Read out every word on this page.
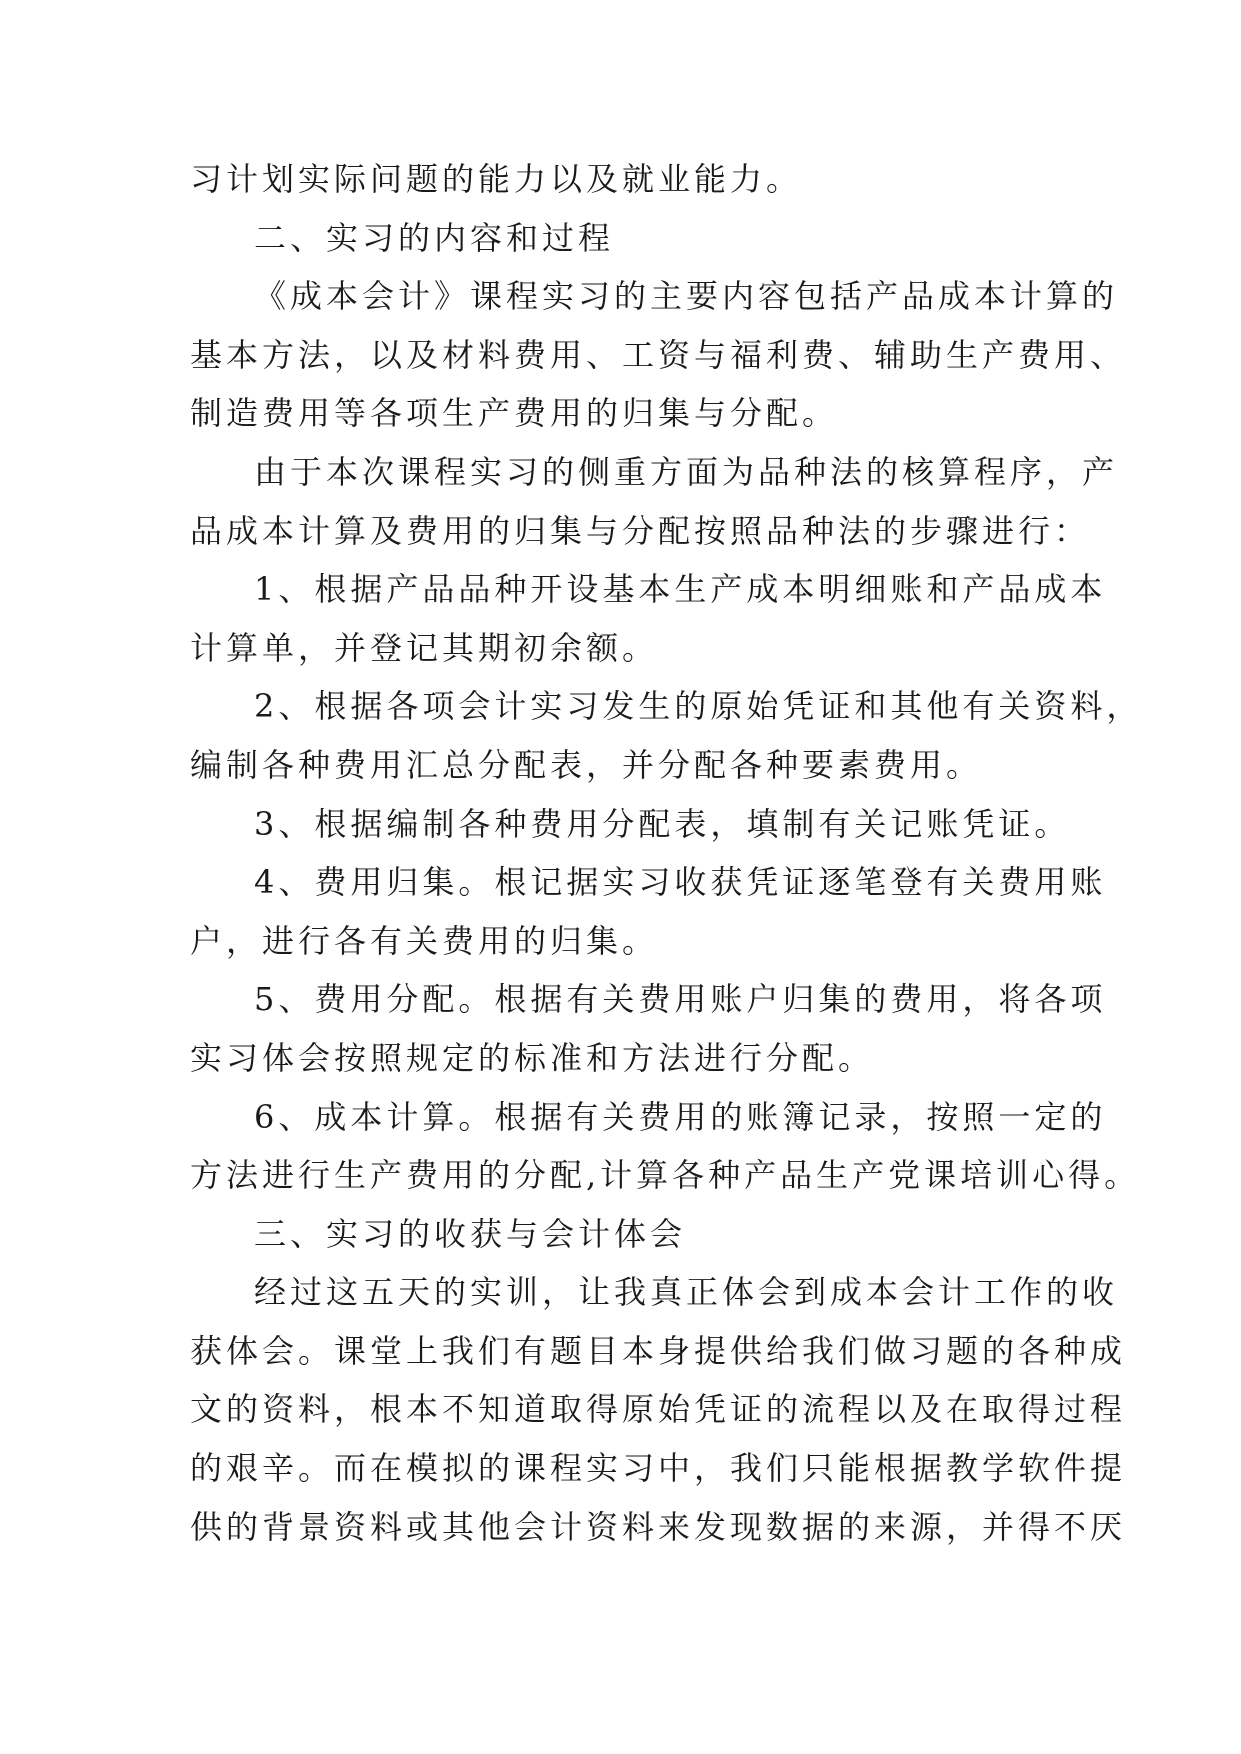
习计划实际问题的能力以及就业能力。
二、实习的内容和过程
《成本会计》课程实习的主要内容包括产品成本计算的
基本方法，以及材料费用、工资与福利费、辅助生产费用、
制造费用等各项生产费用的归集与分配。
由于本次课程实习的侧重方面为品种法的核算程序，产
品成本计算及费用的归集与分配按照品种法的步骤进行：
1、根据产品品种开设基本生产成本明细账和产品成本
计算单，并登记其期初余额。
2、根据各项会计实习发生的原始凭证和其他有关资料，
编制各种费用汇总分配表，并分配各种要素费用。
3、根据编制各种费用分配表，填制有关记账凭证。
4、费用归集。根记据实习收获凭证逐笔登有关费用账
户，进行各有关费用的归集。
5、费用分配。根据有关费用账户归集的费用，将各项
实习体会按照规定的标准和方法进行分配。
6、成本计算。根据有关费用的账簿记录，按照一定的
方法进行生产费用的分配,计算各种产品生产党课培训心得。
三、实习的收获与会计体会
经过这五天的实训，让我真正体会到成本会计工作的收
获体会。课堂上我们有题目本身提供给我们做习题的各种成
文的资料，根本不知道取得原始凭证的流程以及在取得过程
的艰辛。而在模拟的课程实习中，我们只能根据教学软件提
供的背景资料或其他会计资料来发现数据的来源，并得不厌
